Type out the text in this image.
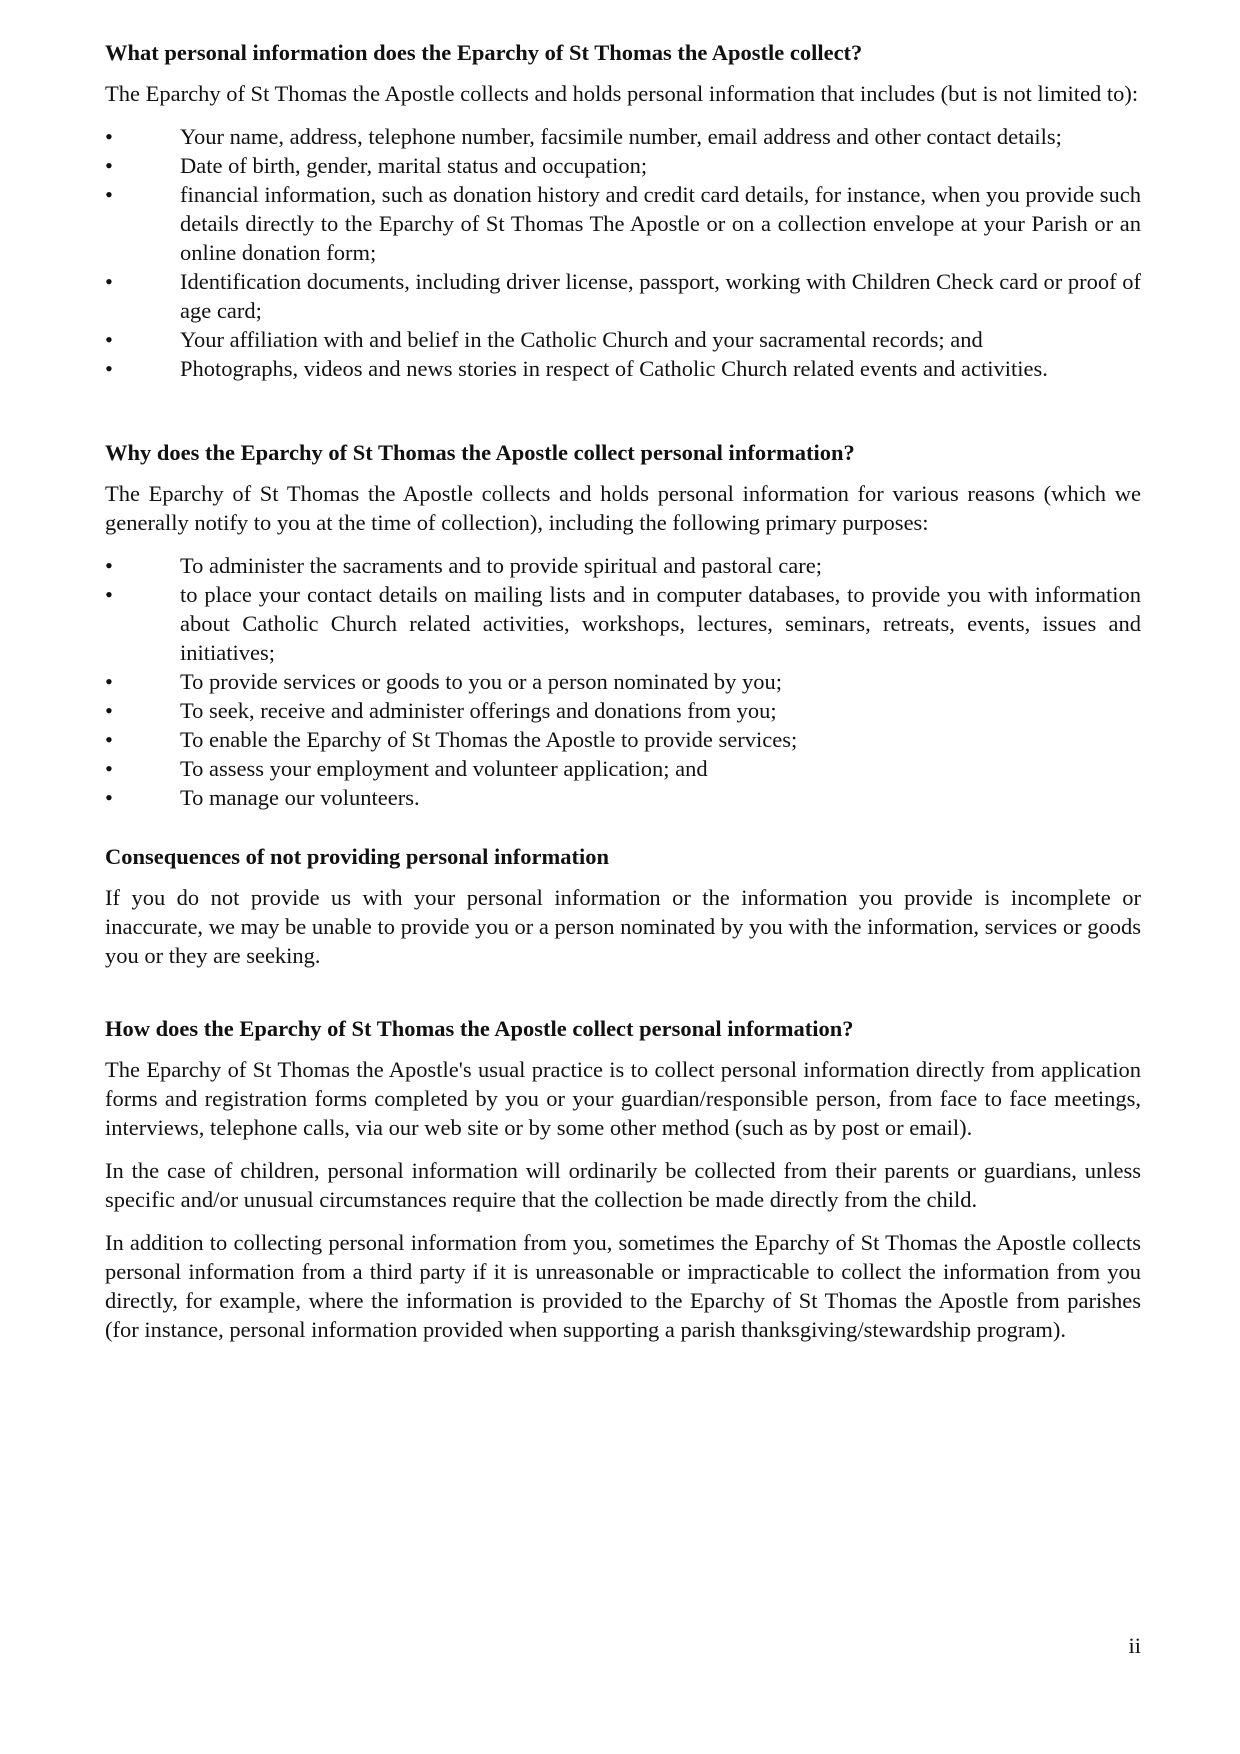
What personal information does the Eparchy of St Thomas the Apostle collect?
The Eparchy of St Thomas the Apostle collects and holds personal information that includes (but is not limited to):
•	Your name, address, telephone number, facsimile number, email address and other contact details;
•	Date of birth, gender, marital status and occupation;
•	financial information, such as donation history and credit card details, for instance, when you provide such details directly to the Eparchy of St Thomas The Apostle or on a collection envelope at your Parish or an online donation form;
•	Identification documents, including driver license, passport, working with Children Check card or proof of age card;
•	Your affiliation with and belief in the Catholic Church and your sacramental records; and
•	Photographs, videos and news stories in respect of Catholic Church related events and activities.
Why does the Eparchy of St Thomas the Apostle collect personal information?
The Eparchy of St Thomas the Apostle collects and holds personal information for various reasons (which we generally notify to you at the time of collection), including the following primary purposes:
•	To administer the sacraments and to provide spiritual and pastoral care;
•	to place your contact details on mailing lists and in computer databases, to provide you with information about Catholic Church related activities, workshops, lectures, seminars, retreats, events, issues and initiatives;
•	To provide services or goods to you or a person nominated by you;
•	To seek, receive and administer offerings and donations from you;
•	To enable the Eparchy of St Thomas the Apostle to provide services;
•	To assess your employment and volunteer application; and
•	To manage our volunteers.
Consequences of not providing personal information
If you do not provide us with your personal information or the information you provide is incomplete or inaccurate, we may be unable to provide you or a person nominated by you with the information, services or goods you or they are seeking.
How does the Eparchy of St Thomas the Apostle collect personal information?
The Eparchy of St Thomas the Apostle's usual practice is to collect personal information directly from application forms and registration forms completed by you or your guardian/responsible person, from face to face meetings, interviews, telephone calls, via our web site or by some other method (such as by post or email).
In the case of children, personal information will ordinarily be collected from their parents or guardians, unless specific and/or unusual circumstances require that the collection be made directly from the child.
In addition to collecting personal information from you, sometimes the Eparchy of St Thomas the Apostle collects personal information from a third party if it is unreasonable or impracticable to collect the information from you directly, for example, where the information is provided to the Eparchy of St Thomas the Apostle from parishes (for instance, personal information provided when supporting a parish thanksgiving/stewardship program).
ii
